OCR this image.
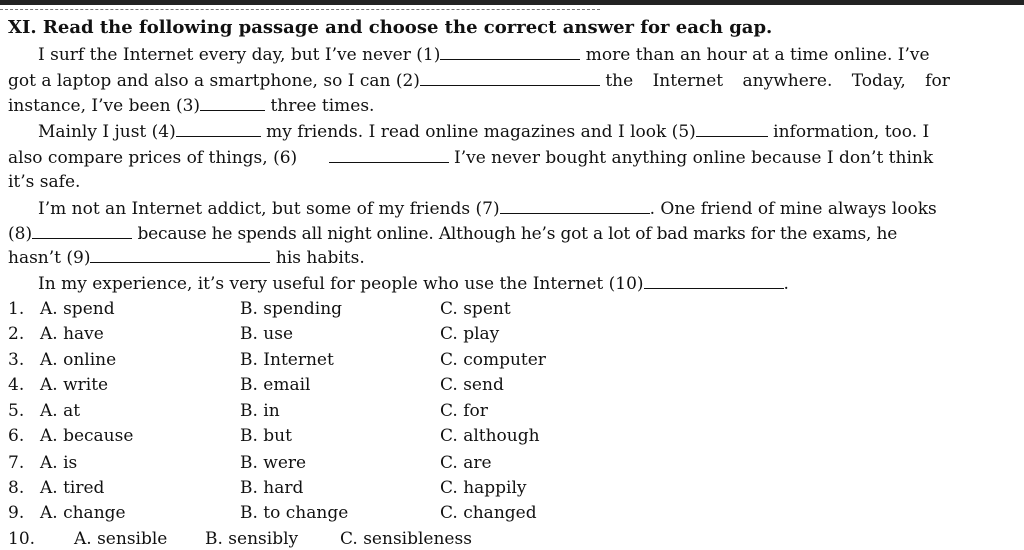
XI. Read the following passage and choose the correct answer for each gap.
I surf the Internet every day, but I’ve never (1)	more than an hour at a time online. I’ve
got a laptop and also a smartphone, so I can (2)	the Internet anywhere. Today, for
instance, I’ve been (3)	three times.
Mainly I just (4)	my friends. I read online magazines and I look (5)	information, too. I
also compare prices of things, (6)	I’ve never bought anything online because I don’t think
it’s safe.
I’m not an Internet addict, but some of my friends (7)	. One friend of mine always looks
(8)	because he spends all night online. Although he’s got a lot of bad marks for the exams, he
hasn’t (9)	his habits.
In my experience, it’s very useful for people who use the Internet (10)	.
1. A. spend	B. spending	C. spent
2. A. have	B. use	C. play
3. A. online	B. Internet	C. computer
4. A. write	B. email	C. send
5. A. at	B. in	C. for
6. A. because	B. but	C. although
7. A. is	B. were	C. are
8. A. tired	B. hard	C. happily
9. A. change	B. to change	C. changed
10. A. sensible B. sensibly C. sensibleness
